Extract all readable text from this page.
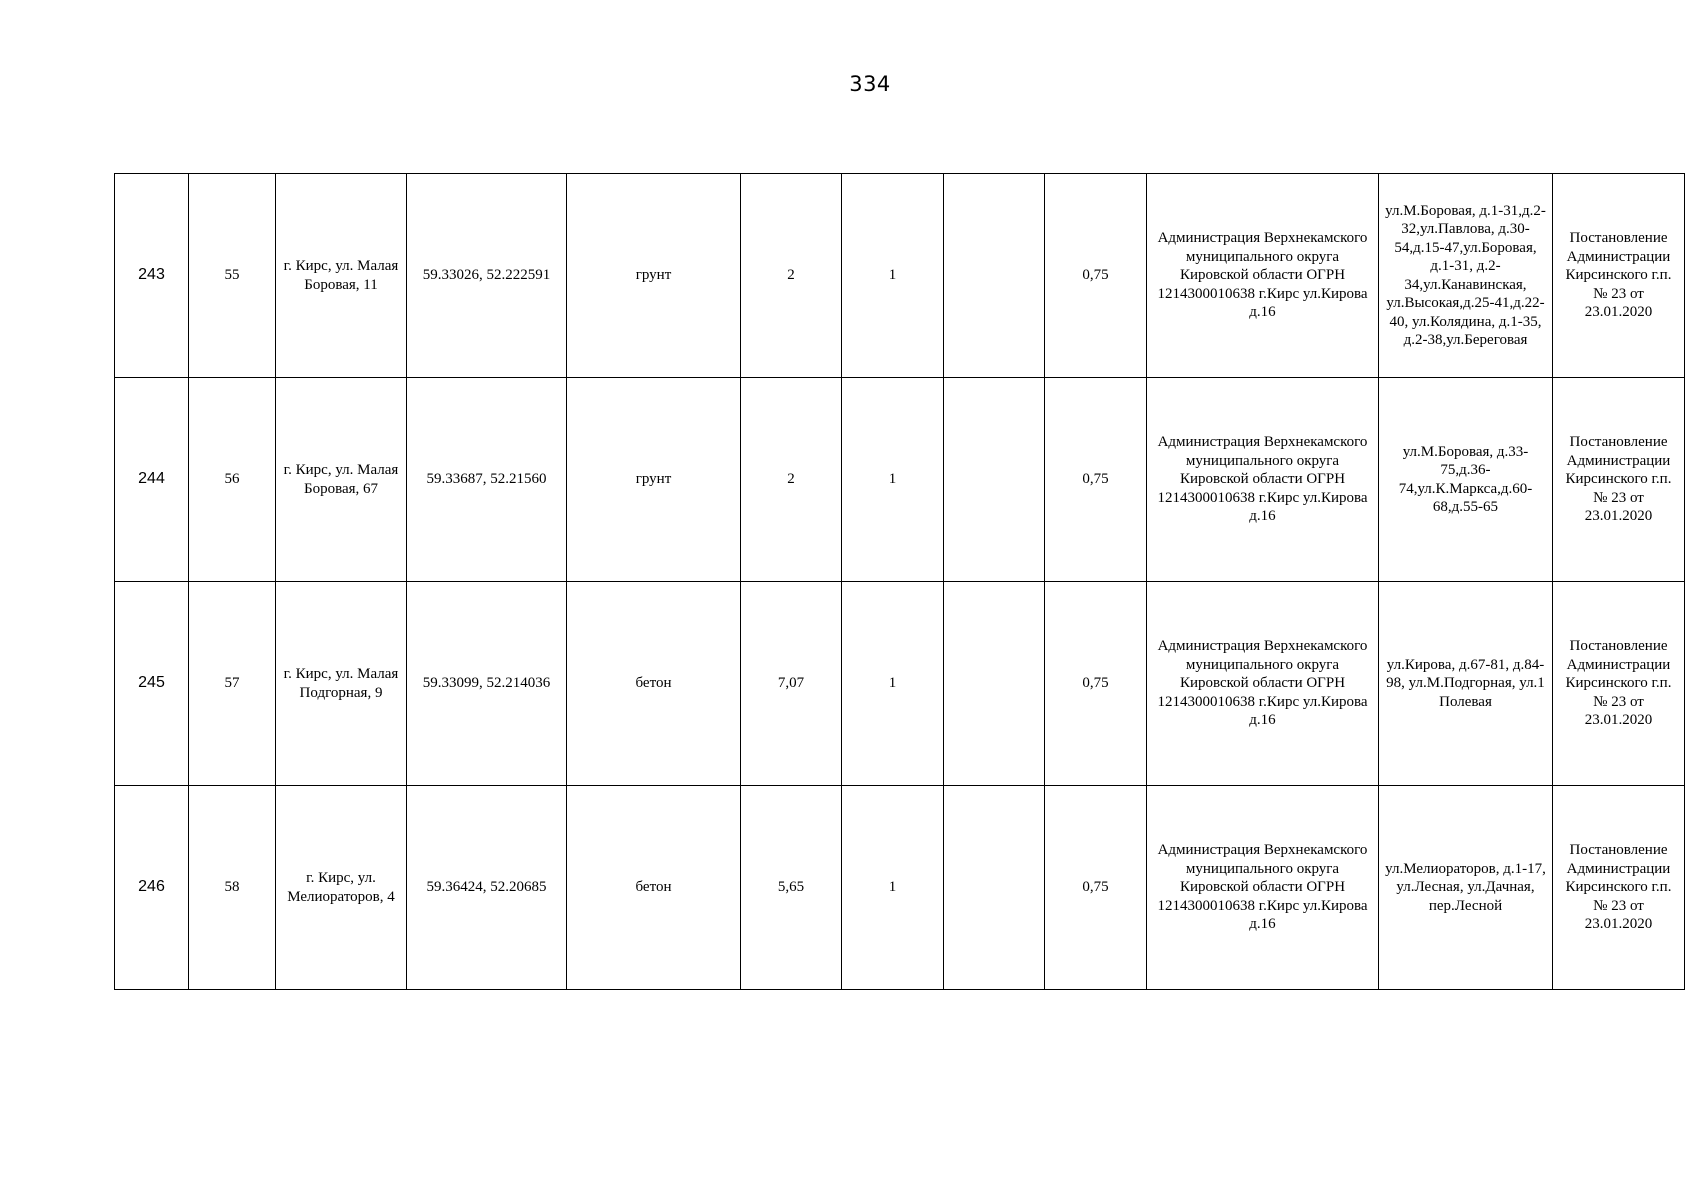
334
243	55	г. Кирс, ул. Малая Боровая, 11	59.33026, 52.222591	грунт	2	1		0,75	Администрация Верхнекамского муниципального округа Кировской области ОГРН 1214300010638 г.Кирс ул.Кирова д.16	ул.М.Боровая, д.1-31,д.2-32,ул.Павлова, д.30-54,д.15-47,ул.Боровая, д.1-31, д.2-34,ул.Канавинская, ул.Высокая,д.25-41,д.22-40, ул.Колядина, д.1-35, д.2-38,ул.Береговая	Постановление Администрации Кирсинского г.п. № 23 от 23.01.2020
244	56	г. Кирс, ул. Малая Боровая, 67	59.33687, 52.21560	грунт	2	1		0,75	Администрация Верхнекамского муниципального округа Кировской области ОГРН 1214300010638 г.Кирс ул.Кирова д.16	ул.М.Боровая, д.33-75,д.36-74,ул.К.Маркса,д.60-68,д.55-65	Постановление Администрации Кирсинского г.п. № 23 от 23.01.2020
245	57	г. Кирс, ул. Малая Подгорная, 9	59.33099, 52.214036	бетон	7,07	1		0,75	Администрация Верхнекамского муниципального округа Кировской области ОГРН 1214300010638 г.Кирс ул.Кирова д.16	ул.Кирова, д.67-81, д.84-98, ул.М.Подгорная, ул.1 Полевая	Постановление Администрации Кирсинского г.п. № 23 от 23.01.2020
246	58	г. Кирс, ул. Мелиораторов, 4	59.36424, 52.20685	бетон	5,65	1		0,75	Администрация Верхнекамского муниципального округа Кировской области ОГРН 1214300010638 г.Кирс ул.Кирова д.16	ул.Мелиораторов, д.1-17, ул.Лесная, ул.Дачная, пер.Лесной	Постановление Администрации Кирсинского г.п. № 23 от 23.01.2020
